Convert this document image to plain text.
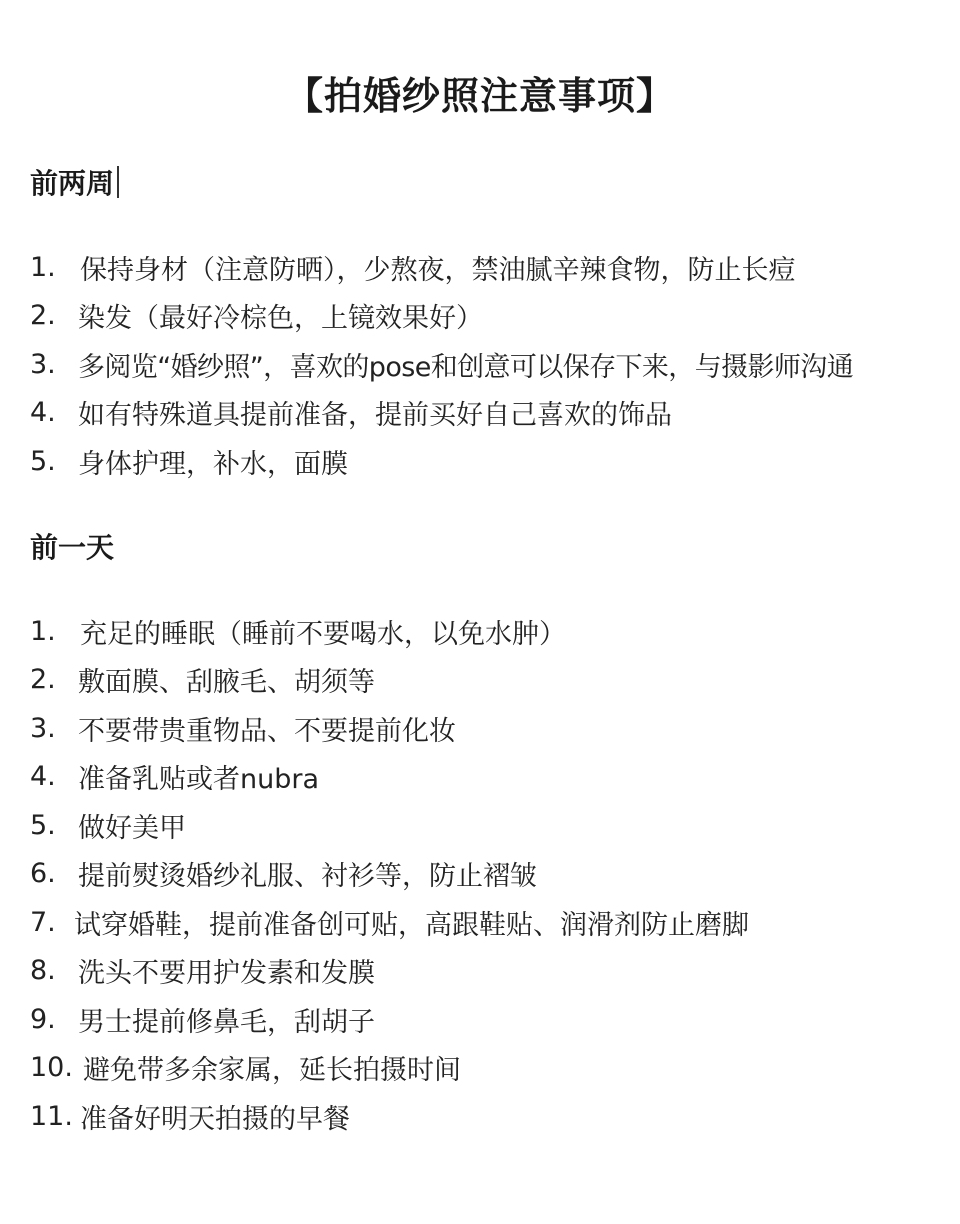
【拍婚纱照注意事项】
前两周
1. 保持身材（注意防晒），少熬夜，禁油腻辛辣食物，防止长痘
2. 染发（最好冷棕色，上镜效果好）
3. 多阅览“婚纱照”，喜欢的pose和创意可以保存下来，与摄影师沟通
4. 如有特殊道具提前准备，提前买好自己喜欢的饰品
5. 身体护理，补水，面膜
前一天
1. 充足的睡眠（睡前不要喝水，以免水肿）
2. 敷面膜、刮腋毛、胡须等
3. 不要带贵重物品、不要提前化妆
4. 准备乳贴或者nubra
5. 做好美甲
6. 提前熨烫婚纱礼服、衬衫等，防止褶皱
7. 试穿婚鞋，提前准备创可贴，高跟鞋贴、润滑剂防止磨脚
8. 洗头不要用护发素和发膜
9. 男士提前修鼻毛，刮胡子
10. 避免带多余家属，延长拍摄时间
11. 准备好明天拍摄的早餐
